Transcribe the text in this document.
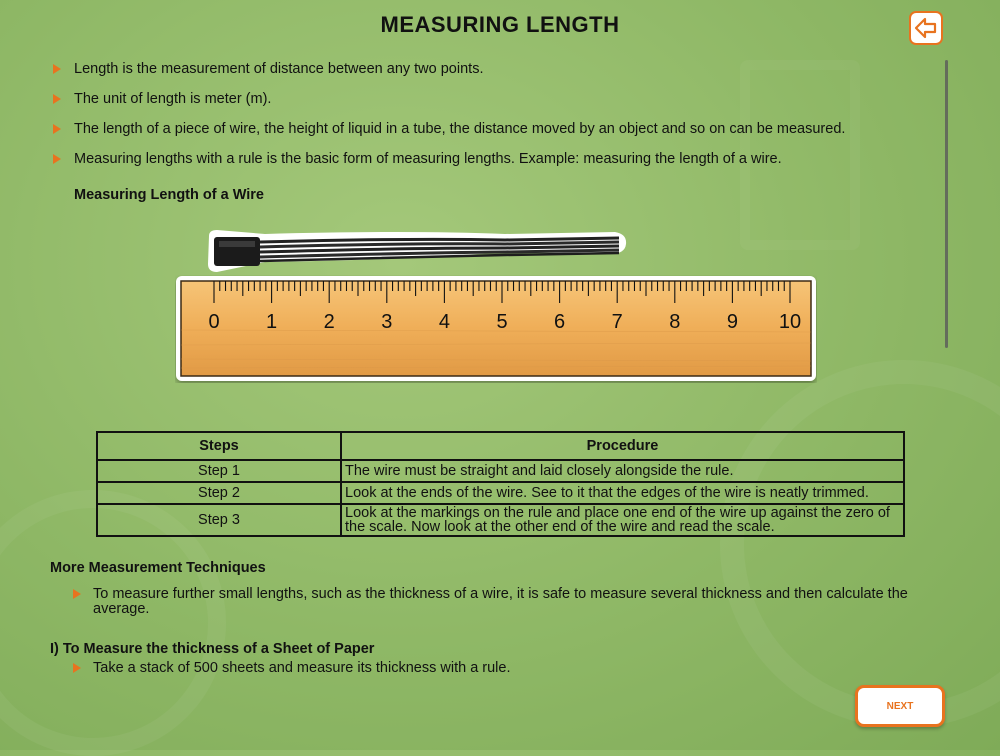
MEASURING LENGTH
Length is the measurement of distance between any two points.
The unit of length is meter (m).
The length of a piece of wire, the height of liquid in a tube, the distance moved by an object and so on can be measured.
Measuring lengths with a rule is the basic form of measuring lengths. Example: measuring the length of a wire.
Measuring Length of a Wire
0 1 2 3 4 5 6 7 8 9 10
Steps	Procedure
Step 1	The wire must be straight and laid closely alongside the rule.
Step 2	Look at the ends of the wire. See to it that the edges of the wire is neatly trimmed.
Step 3	Look at the markings on the rule and place one end of the wire up against the zero of the scale. Now look at the other end of the wire and read the scale.
More Measurement Techniques
To measure further small lengths, such as the thickness of a wire, it is safe to measure several thickness and then calculate the average.
I) To Measure the thickness of a Sheet of Paper
Take a stack of 500 sheets and measure its thickness with a rule.
NEXT
